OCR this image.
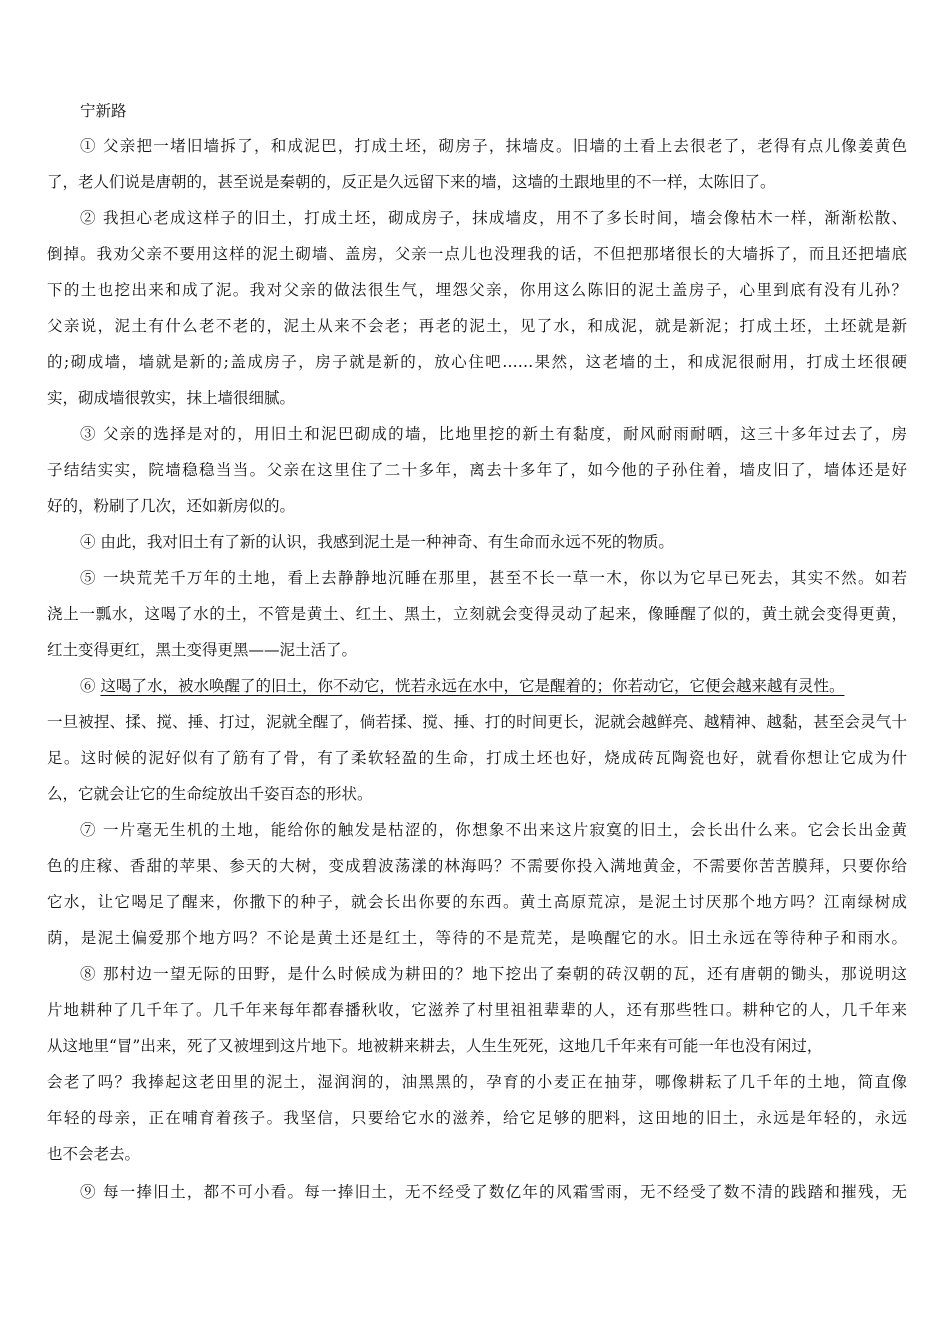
宁新路
① 父亲把一堵旧墙拆了，和成泥巴，打成土坯，砌房子，抹墙皮。旧墙的土看上去很老了，老得有点儿像姜黄色
了，老人们说是唐朝的，甚至说是秦朝的，反正是久远留下来的墙，这墙的土跟地里的不一样，太陈旧了。
② 我担心老成这样子的旧土，打成土坯，砌成房子，抹成墙皮，用不了多长时间，墙会像枯木一样，渐渐松散、
倒掉。我劝父亲不要用这样的泥土砌墙、盖房，父亲一点儿也没理我的话，不但把那堵很长的大墙拆了，而且还把墙底
下的土也挖出来和成了泥。我对父亲的做法很生气，埋怨父亲，你用这么陈旧的泥土盖房子，心里到底有没有儿孙？
父亲说，泥土有什么老不老的，泥土从来不会老；再老的泥土，见了水，和成泥，就是新泥；打成土坯，土坯就是新
的;砌成墙，墙就是新的;盖成房子，房子就是新的，放心住吧……果然，这老墙的土，和成泥很耐用，打成土坯很硬
实，砌成墙很敦实，抹上墙很细腻。
③ 父亲的选择是对的，用旧土和泥巴砌成的墙，比地里挖的新土有黏度，耐风耐雨耐晒，这三十多年过去了，房
子结结实实，院墙稳稳当当。父亲在这里住了二十多年，离去十多年了，如今他的子孙住着，墙皮旧了，墙体还是好
好的，粉刷了几次，还如新房似的。
④ 由此，我对旧土有了新的认识，我感到泥土是一种神奇、有生命而永远不死的物质。
⑤ 一块荒芜千万年的土地，看上去静静地沉睡在那里，甚至不长一草一木，你以为它早已死去，其实不然。如若
浇上一瓢水，这喝了水的土，不管是黄土、红土、黑土，立刻就会变得灵动了起来，像睡醒了似的，黄土就会变得更黄，
红土变得更红，黑土变得更黑——泥土活了。
⑥ 这喝了水，被水唤醒了的旧土，你不动它，恍若永远在水中，它是醒着的；你若动它，它便会越来越有灵性。
一旦被捏、揉、搅、捶、打过，泥就全醒了，倘若揉、搅、捶、打的时间更长，泥就会越鲜亮、越精神、越黏，甚至会灵气十
足。这时候的泥好似有了筋有了骨，有了柔软轻盈的生命，打成土坯也好，烧成砖瓦陶瓷也好，就看你想让它成为什
么，它就会让它的生命绽放出千姿百态的形状。
⑦ 一片毫无生机的土地，能给你的触发是枯涩的，你想象不出来这片寂寞的旧土，会长出什么来。它会长出金黄
色的庄稼、香甜的苹果、参天的大树，变成碧波荡漾的林海吗？不需要你投入满地黄金，不需要你苦苦膜拜，只要你给
它水，让它喝足了醒来，你撒下的种子，就会长出你要的东西。黄土高原荒凉，是泥土讨厌那个地方吗？江南绿树成
荫，是泥土偏爱那个地方吗？不论是黄土还是红土，等待的不是荒芜，是唤醒它的水。旧土永远在等待种子和雨水。
⑧ 那村边一望无际的田野，是什么时候成为耕田的？地下挖出了秦朝的砖汉朝的瓦，还有唐朝的锄头，那说明这
片地耕种了几千年了。几千年来每年都春播秋收，它滋养了村里祖祖辈辈的人，还有那些牲口。耕种它的人，几千年来
从这地里“冒”出来，死了又被埋到这片地下。地被耕来耕去，人生生死死，这地几千年来有可能一年也没有闲过，
会老了吗？我捧起这老田里的泥土，湿润润的，油黑黑的，孕育的小麦正在抽芽，哪像耕耘了几千年的土地，简直像
年轻的母亲，正在哺育着孩子。我坚信，只要给它水的滋养，给它足够的肥料，这田地的旧土，永远是年轻的，永远
也不会老去。
⑨ 每一捧旧土，都不可小看。每一捧旧土，无不经受了数亿年的风霜雪雨，无不经受了数不清的践踏和摧残，无
